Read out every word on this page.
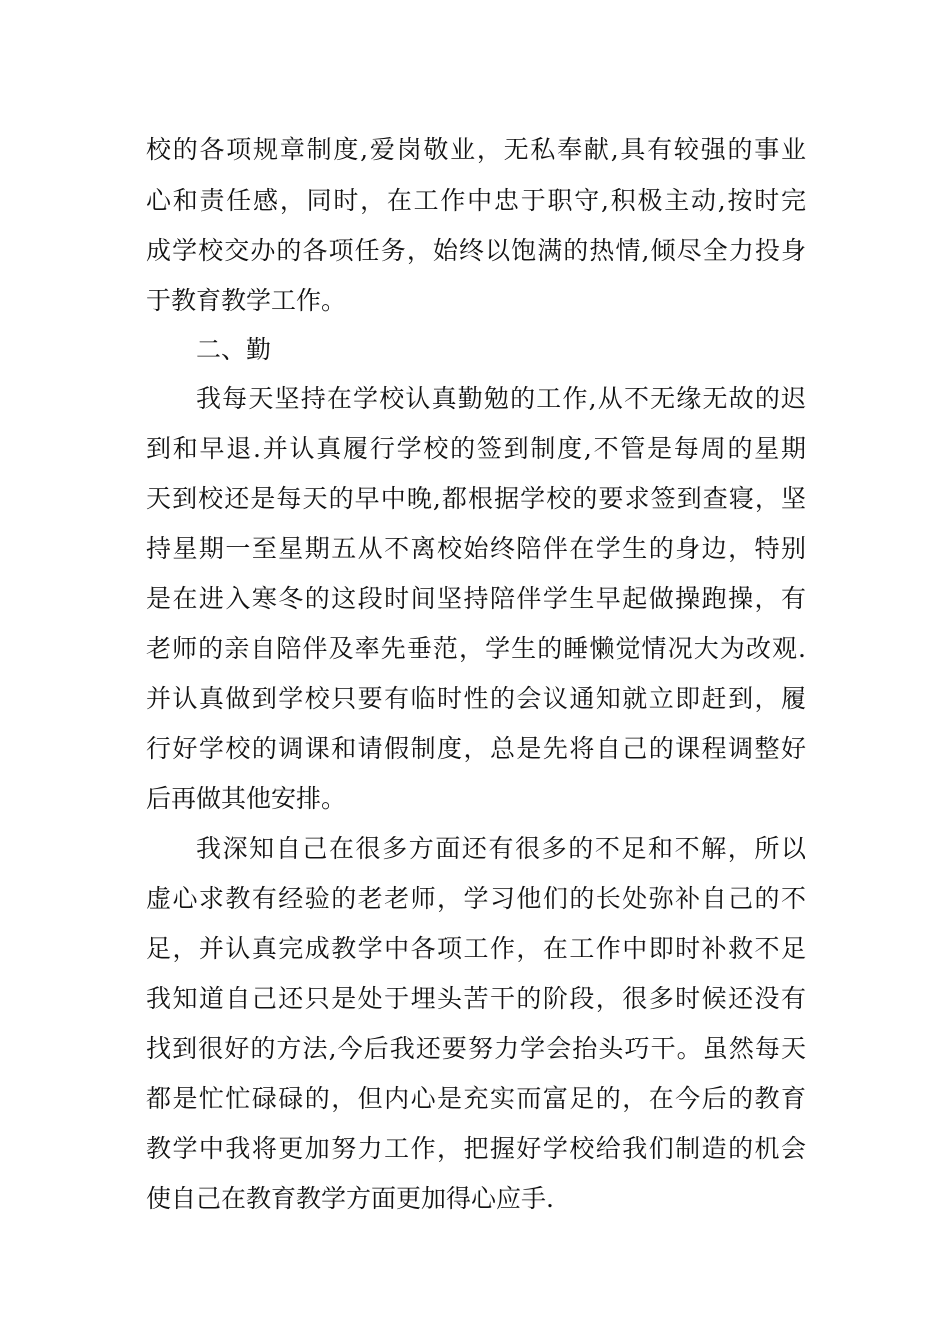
校的各项规章制度,爱岗敬业，无私奉献,具有较强的事业
心和责任感，同时，在工作中忠于职守,积极主动,按时完
成学校交办的各项任务，始终以饱满的热情,倾尽全力投身
于教育教学工作。
二、勤
我每天坚持在学校认真勤勉的工作,从不无缘无故的迟
到和早退.并认真履行学校的签到制度,不管是每周的星期
天到校还是每天的早中晚,都根据学校的要求签到查寝，坚
持星期一至星期五从不离校始终陪伴在学生的身边，特别
是在进入寒冬的这段时间坚持陪伴学生早起做操跑操，有
老师的亲自陪伴及率先垂范，学生的睡懒觉情况大为改观.
并认真做到学校只要有临时性的会议通知就立即赶到，履
行好学校的调课和请假制度，总是先将自己的课程调整好
后再做其他安排。
我深知自己在很多方面还有很多的不足和不解，所以
虚心求教有经验的老老师，学习他们的长处弥补自己的不
足，并认真完成教学中各项工作，在工作中即时补救不足
我知道自己还只是处于埋头苦干的阶段，很多时候还没有
找到很好的方法,今后我还要努力学会抬头巧干。虽然每天
都是忙忙碌碌的，但内心是充实而富足的，在今后的教育
教学中我将更加努力工作，把握好学校给我们制造的机会
使自己在教育教学方面更加得心应手.
